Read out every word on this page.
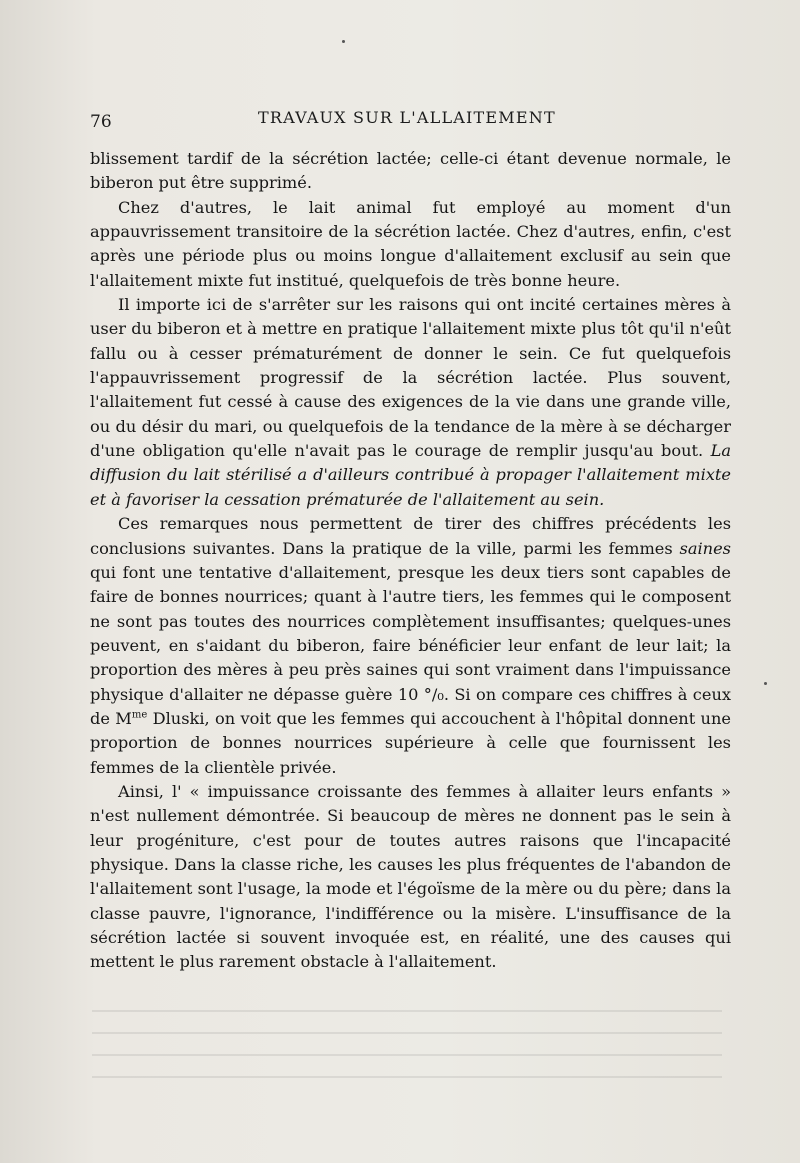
76	TRAVAUX SUR L'ALLAITEMENT

blissement tardif de la sécrétion lactée; celle-ci étant devenue normale, le biberon put être supprimé.

Chez d'autres, le lait animal fut employé au moment d'un appauvrissement transitoire de la sécrétion lactée. Chez d'autres, enfin, c'est après une période plus ou moins longue d'allaitement exclusif au sein que l'allaitement mixte fut institué, quelquefois de très bonne heure.

Il importe ici de s'arrêter sur les raisons qui ont incité certaines mères à user du biberon et à mettre en pratique l'allaitement mixte plus tôt qu'il n'eût fallu ou à cesser prématurément de donner le sein. Ce fut quelquefois l'appauvrissement progressif de la sécrétion lactée. Plus souvent, l'allaitement fut cessé à cause des exigences de la vie dans une grande ville, ou du désir du mari, ou quelquefois de la tendance de la mère à se décharger d'une obligation qu'elle n'avait pas le courage de remplir jusqu'au bout. La diffusion du lait stérilisé a d'ailleurs contribué à propager l'allaitement mixte et à favoriser la cessation prématurée de l'allaitement au sein.

Ces remarques nous permettent de tirer des chiffres précédents les conclusions suivantes. Dans la pratique de la ville, parmi les femmes saines qui font une tentative d'allaitement, presque les deux tiers sont capables de faire de bonnes nourrices; quant à l'autre tiers, les femmes qui le composent ne sont pas toutes des nourrices complètement insuffisantes; quelques-unes peuvent, en s'aidant du biberon, faire bénéficier leur enfant de leur lait; la proportion des mères à peu près saines qui sont vraiment dans l'impuissance physique d'allaiter ne dépasse guère 10 °/₀. Si on compare ces chiffres à ceux de $M^{me}$ Dluski, on voit que les femmes qui accouchent à l'hôpital donnent une proportion de bonnes nourrices supérieure à celle que fournissent les femmes de la clientèle privée.

Ainsi, l' « impuissance croissante des femmes à allaiter leurs enfants » n'est nullement démontrée. Si beaucoup de mères ne donnent pas le sein à leur progéniture, c'est pour de toutes autres raisons que l'incapacité physique. Dans la classe riche, les causes les plus fréquentes de l'abandon de l'allaitement sont l'usage, la mode et l'égoïsme de la mère ou du père; dans la classe pauvre, l'ignorance, l'indifférence ou la misère. L'insuffisance de la sécrétion lactée si souvent invoquée est, en réalité, une des causes qui mettent le plus rarement obstacle à l'allaitement.
